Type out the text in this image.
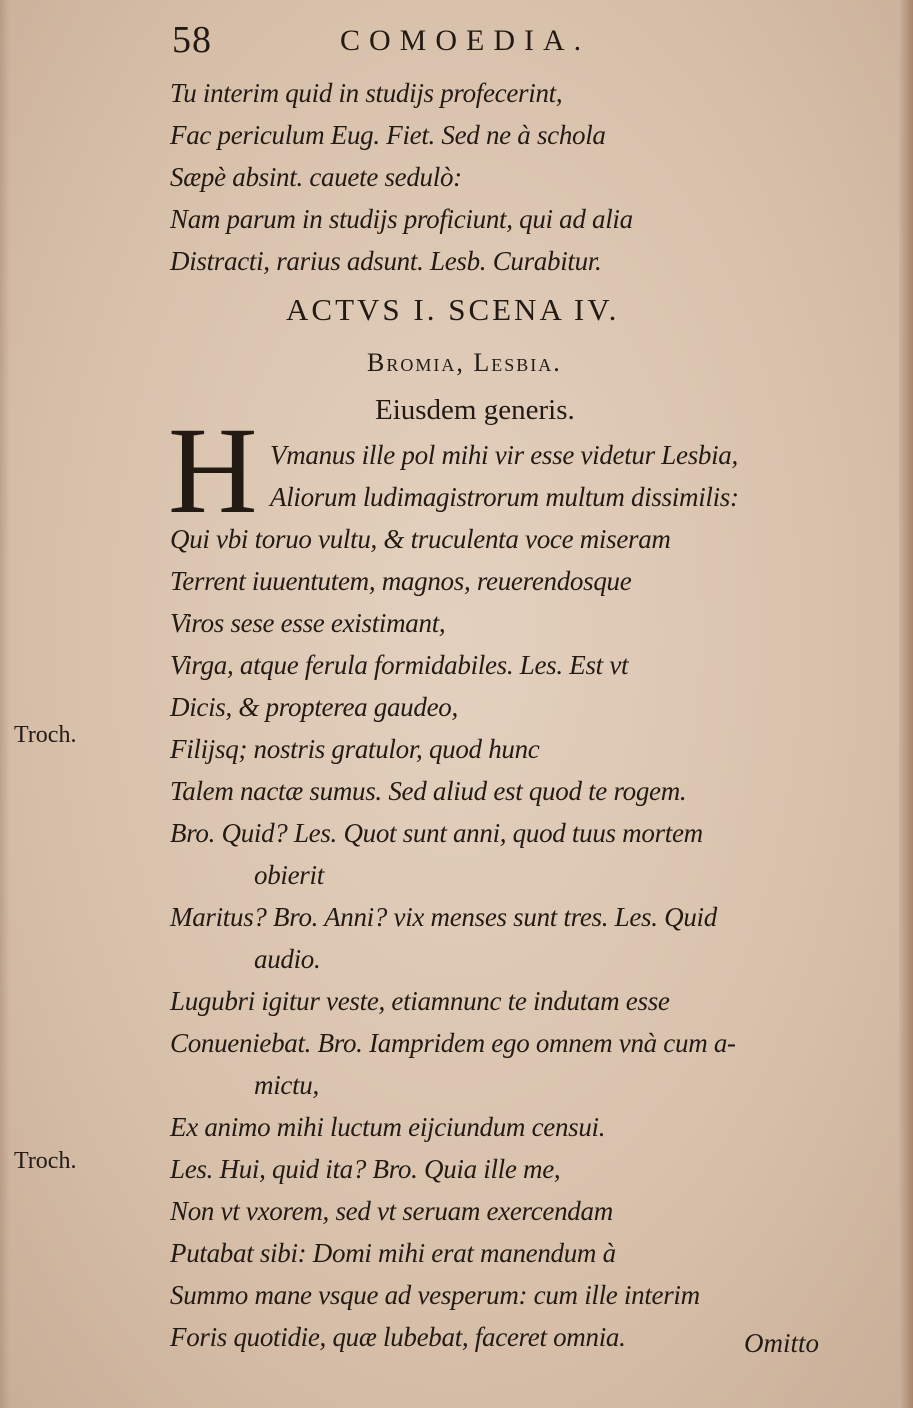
58	COMOEDIA.
Tu interim quid in studijs profecerint,
Fac periculum Eug. Fiet. Sed ne à schola
Sæpè absint. cauete sedulò:
Nam parum in studijs proficiunt, qui ad alia
Distracti, rarius adsunt. Lesb. Curabitur.
ACTVS I. SCENA IV.
Bromia, Lesbia.
Eiusdem generis.
H Vmanus ille pol mihi vir esse videtur Lesbia,
Aliorum ludimagistrorum multum dissimilis:
Qui vbi toruo vultu, & truculenta voce miseram
Terrent iuuentutem, magnos, reuerendosque
Viros sese esse existimant,
Virga, atque ferula formidabiles. Les. Est vt
Dicis, & propterea gaudeo,
Filijsq; nostris gratulor, quod hunc
Talem nactæ sumus. Sed aliud est quod te rogem.
Bro. Quid? Les. Quot sunt anni, quod tuus mortem
obierit
Maritus? Bro. Anni? vix menses sunt tres. Les. Quid
audio.
Lugubri igitur veste, etiamnunc te indutam esse
Conueniebat. Bro. Iampridem ego omnem vnà cum a-
mictu,
Ex animo mihi luctum eijciundum censui.
Les. Hui, quid ita? Bro. Quia ille me,
Non vt vxorem, sed vt seruam exercendam
Putabat sibi: Domi mihi erat manendum à
Summo mane vsque ad vesperum: cum ille interim
Foris quotidie, quæ lubebat, faceret omnia.
Troch.
Troch.
Omitto
